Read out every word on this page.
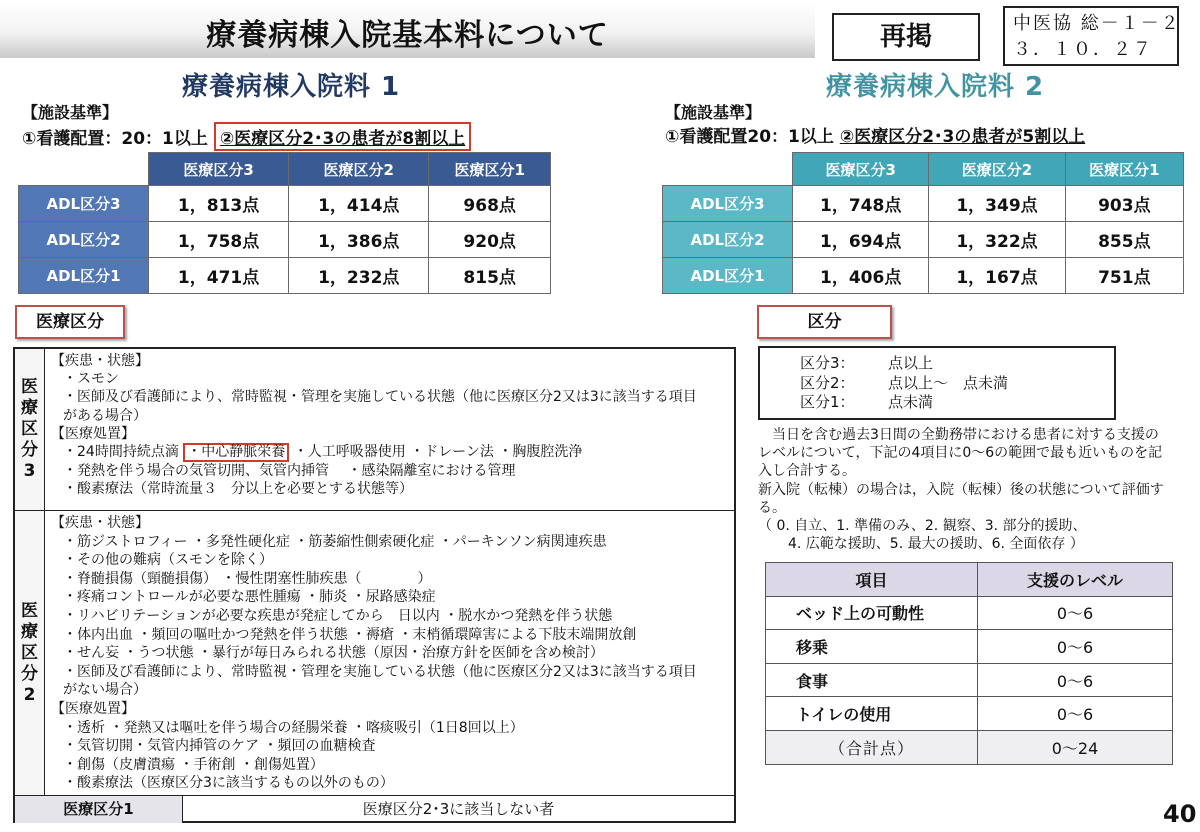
療養病棟入院基本料について	再掲	中医協 総－１－２
３．１０．２７
療養病棟入院料 1	療養病棟入院料 2
【施設基準】
①看護配置：20：1以上 ②医療区分2･3の患者が8割以上
【施設基準】
①看護配置20：1以上 ②医療区分2･3の患者が5割以上
	医療区分3	医療区分2	医療区分1
ADL区分3	1，813点	1，414点	968点
ADL区分2	1，758点	1，386点	920点
ADL区分1	1，471点	1，232点	815点
	医療区分3	医療区分2	医療区分1
ADL区分3	1，748点	1，349点	903点
ADL区分2	1，694点	1，322点	855点
ADL区分1	1，406点	1，167点	751点
医療区分	区分
医
療
区
分
3
【疾患・状態】
・スモン
・医師及び看護師により、常時監視・管理を実施している状態（他に医療区分2又は3に該当する項目
がある場合）
【医療処置】
・24時間持続点滴 ・中心静脈栄養 ・人工呼吸器使用 ・ドレーン法 ・胸腹腔洗浄
・発熱を伴う場合の気管切開、気管内挿管　 ・感染隔離室における管理
・酸素療法（常時流量３　分以上を必要とする状態等）
医
療
区
分
2
【疾患・状態】
・筋ジストロフィー ・多発性硬化症 ・筋萎縮性側索硬化症 ・パーキンソン病関連疾患
・その他の難病（スモンを除く）
・脊髄損傷（頸髄損傷） ・慢性閉塞性肺疾患（　　　　）
・疼痛コントロールが必要な悪性腫瘍 ・肺炎 ・尿路感染症
・リハビリテーションが必要な疾患が発症してから　日以内 ・脱水かつ発熱を伴う状態
・体内出血 ・頻回の嘔吐かつ発熱を伴う状態 ・褥瘡 ・末梢循環障害による下肢末端開放創
・せん妄 ・うつ状態 ・暴行が毎日みられる状態（原因・治療方針を医師を含め検討）
・医師及び看護師により、常時監視・管理を実施している状態（他に医療区分2又は3に該当する項目
がない場合）
【医療処置】
・透析 ・発熱又は嘔吐を伴う場合の経腸栄養 ・喀痰吸引（1日8回以上）
・気管切開・気管内挿管のケア ・頻回の血糖検査
・創傷（皮膚潰瘍 ・手術創 ・創傷処置）
・酸素療法（医療区分3に該当するもの以外のもの）
医療区分1	医療区分2･3に該当しない者
区分3： 点以上
区分2： 点以上～　点未満
区分1： 点未満

当日を含む過去3日間の全勤務帯における患者に対する支援の

レベルについて，下記の4項目に0～6の範囲で最も近いものを記

入し合計する。

新入院（転棟）の場合は，入院（転棟）後の状態について評価する。

（ 0. 自立、1. 準備のみ、2. 観察、3. 部分的援助、

4. 広範な援助、5. 最大の援助、6. 全面依存 ）

項目	支援のレベル
ベッド上の可動性	0～6
移乗	0～6
食事	0～6
トイレの使用	0～6
（合計点）	0～24
40
